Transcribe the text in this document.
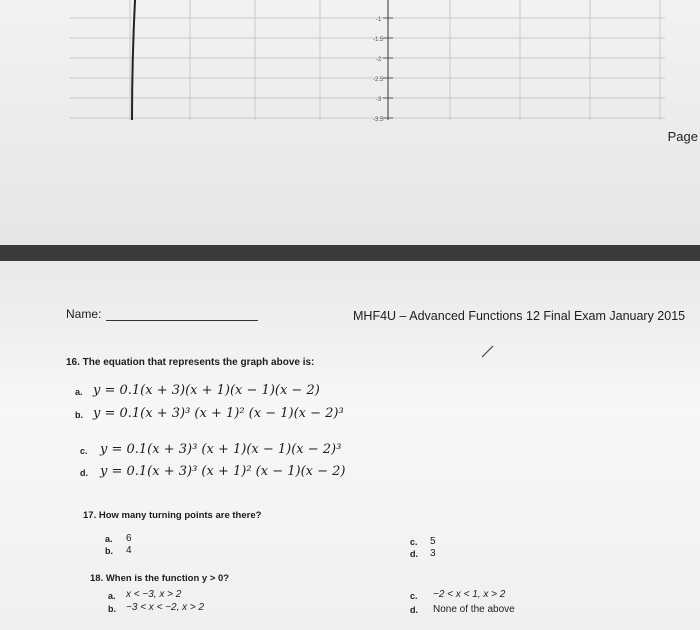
-1
-1.5
-2
-2.5
-3
-3.5
Page
Name:	MHF4U – Advanced Functions 12 Final Exam January 2015
16. The equation that represents the graph above is:
a. y = 0.1(x + 3)(x + 1)(x − 1)(x − 2)
b. y = 0.1(x + 3)³ (x + 1)² (x − 1)(x − 2)³
c. y = 0.1(x + 3)³ (x + 1)(x − 1)(x − 2)³
d. y = 0.1(x + 3)³ (x + 1)² (x − 1)(x − 2)
17. How many turning points are there?
a. 6
b. 4
c. 5
d. 3
18. When is the function y > 0?
a. x < −3, x > 2
b. −3 < x < −2, x > 2
c. −2 < x < 1, x > 2
d. None of the above
